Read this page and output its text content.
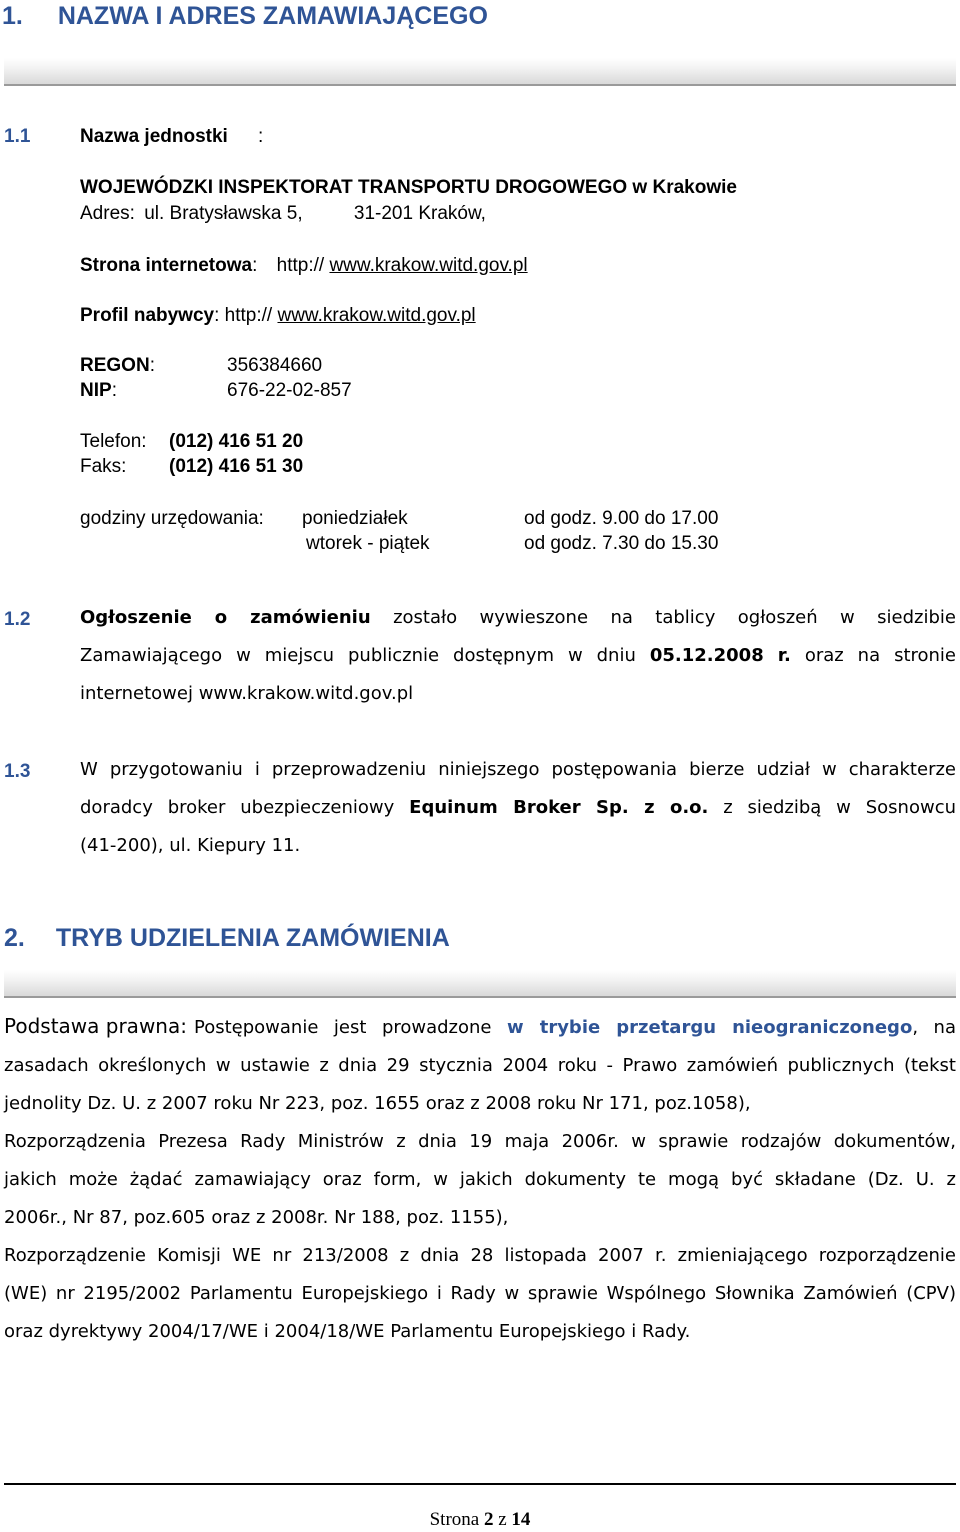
1. NAZWA I ADRES ZAMAWIAJĄCEGO
1.1	Nazwa jednostki :
WOJEWÓDZKI INSPEKTORAT TRANSPORTU DROGOWEGO w Krakowie
Adres: ul. Bratysławska 5,	31-201 Kraków,
Strona internetowa: http:// www.krakow.witd.gov.pl
Profil nabywcy: http:// www.krakow.witd.gov.pl
REGON:	356384660
NIP:	676-22-02-857
Telefon: (012) 416 51 20
Faks: (012) 416 51 30
godziny urzędowania: poniedziałek	od godz. 9.00 do 17.00
wtorek - piątek	od godz. 7.30 do 15.30
1.2	Ogłoszenie o zamówieniu zostało wywieszone na tablicy ogłoszeń w siedzibie
Zamawiającego w miejscu publicznie dostępnym w dniu 05.12.2008 r. oraz na stronie
internetowej www.krakow.witd.gov.pl
1.3	W przygotowaniu i przeprowadzeniu niniejszego postępowania bierze udział w charakterze
doradcy broker ubezpieczeniowy Equinum Broker Sp. z o.o. z siedzibą w Sosnowcu
(41-200), ul. Kiepury 11.
2. TRYB UDZIELENIA ZAMÓWIENIA
Podstawa prawna: Postępowanie jest prowadzone w trybie przetargu nieograniczonego, na
zasadach określonych w ustawie z dnia 29 stycznia 2004 roku - Prawo zamówień publicznych (tekst
jednolity Dz. U. z 2007 roku Nr 223, poz. 1655 oraz z 2008 roku Nr 171, poz.1058),
Rozporządzenia Prezesa Rady Ministrów z dnia 19 maja 2006r. w sprawie rodzajów dokumentów,
jakich może żądać zamawiający oraz form, w jakich dokumenty te mogą być składane (Dz. U. z
2006r., Nr 87, poz.605 oraz z 2008r. Nr 188, poz. 1155),
Rozporządzenie Komisji WE nr 213/2008 z dnia 28 listopada 2007 r. zmieniającego rozporządzenie
(WE) nr 2195/2002 Parlamentu Europejskiego i Rady w sprawie Wspólnego Słownika Zamówień (CPV)
oraz dyrektywy 2004/17/WE i 2004/18/WE Parlamentu Europejskiego i Rady.
Strona 2 z 14
